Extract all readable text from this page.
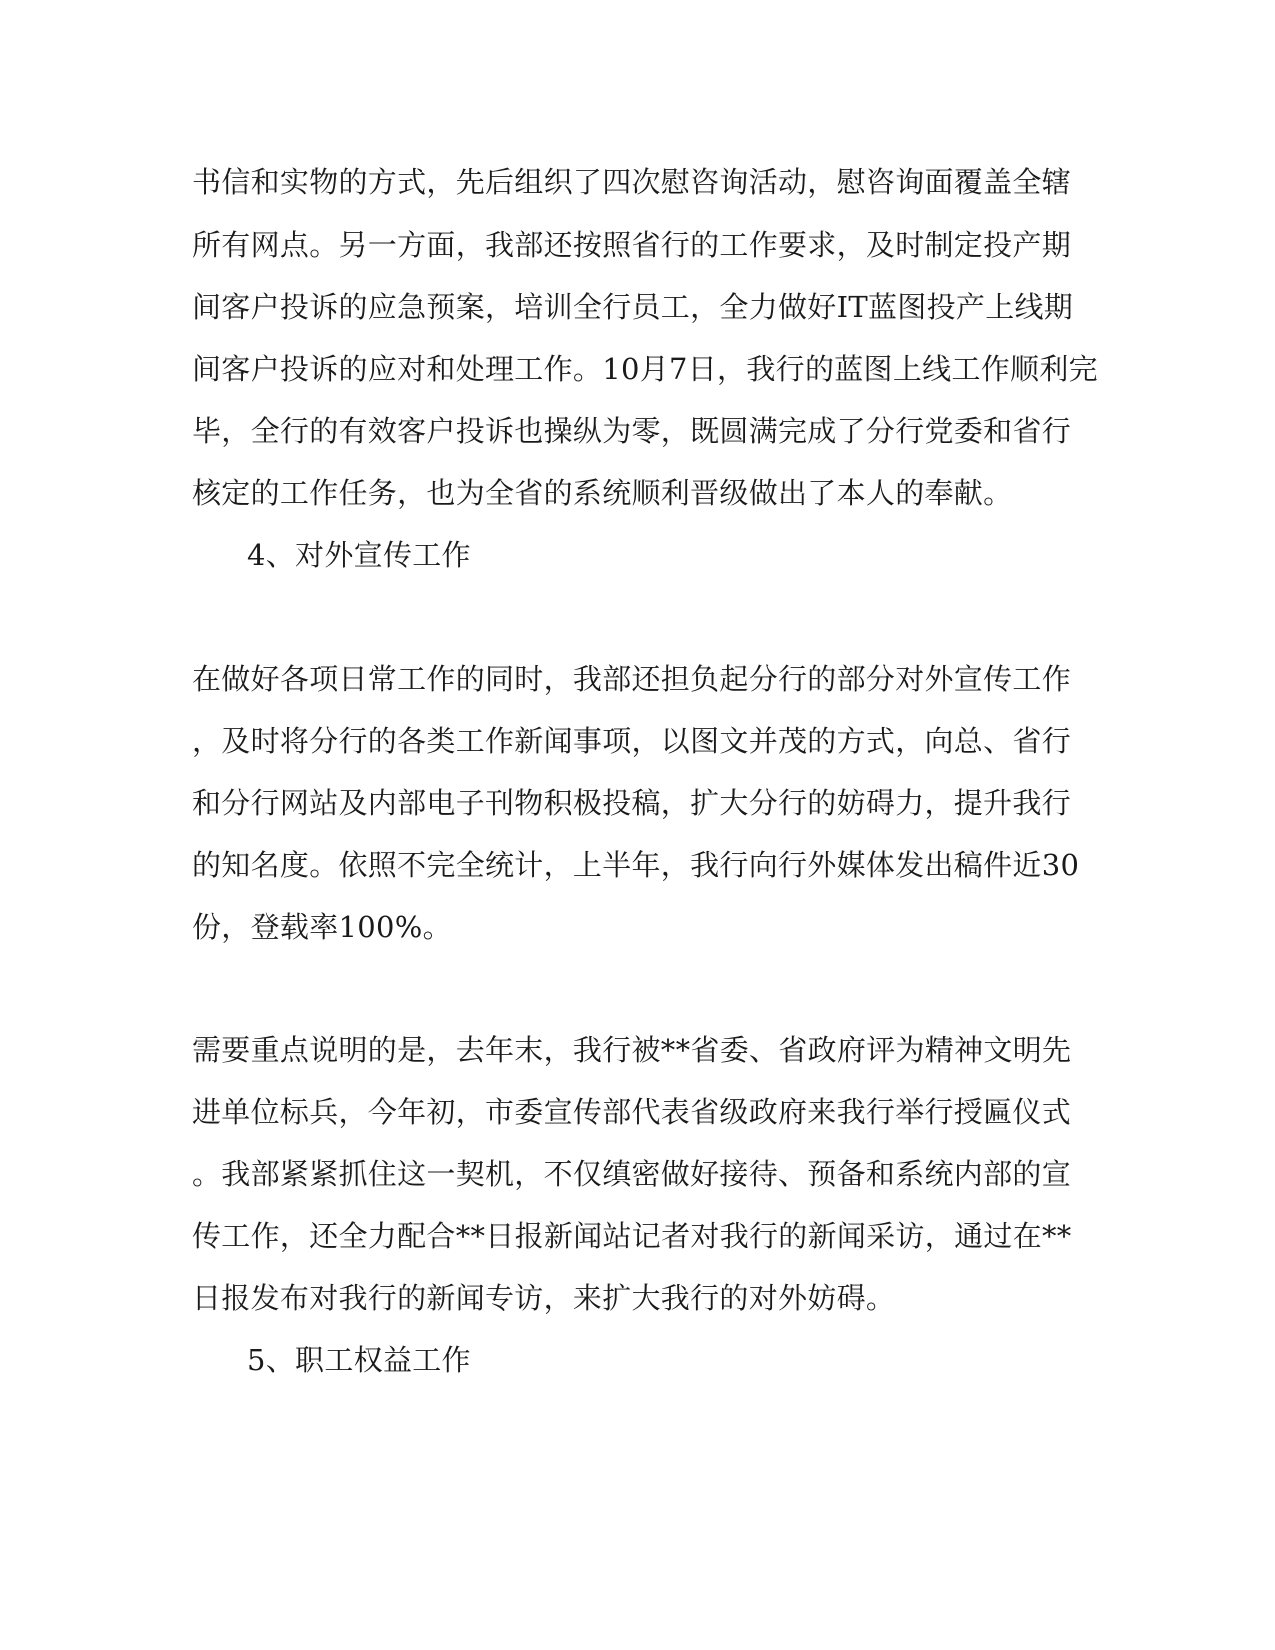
书信和实物的方式，先后组织了四次慰咨询活动，慰咨询面覆盖全辖

所有网点。另一方面，我部还按照省行的工作要求，及时制定投产期

间客户投诉的应急预案，培训全行员工，全力做好IT蓝图投产上线期

间客户投诉的应对和处理工作。10月7日，我行的蓝图上线工作顺利完

毕，全行的有效客户投诉也操纵为零，既圆满完成了分行党委和省行

核定的工作任务，也为全省的系统顺利晋级做出了本人的奉献。

4、对外宣传工作

在做好各项日常工作的同时，我部还担负起分行的部分对外宣传工作

，及时将分行的各类工作新闻事项，以图文并茂的方式，向总、省行

和分行网站及内部电子刊物积极投稿，扩大分行的妨碍力，提升我行

的知名度。依照不完全统计，上半年，我行向行外媒体发出稿件近30

份，登载率100%。

需要重点说明的是，去年末，我行被**省委、省政府评为精神文明先

进单位标兵，今年初，市委宣传部代表省级政府来我行举行授匾仪式

。我部紧紧抓住这一契机，不仅缜密做好接待、预备和系统内部的宣

传工作，还全力配合**日报新闻站记者对我行的新闻采访，通过在**

日报发布对我行的新闻专访，来扩大我行的对外妨碍。

5、职工权益工作
